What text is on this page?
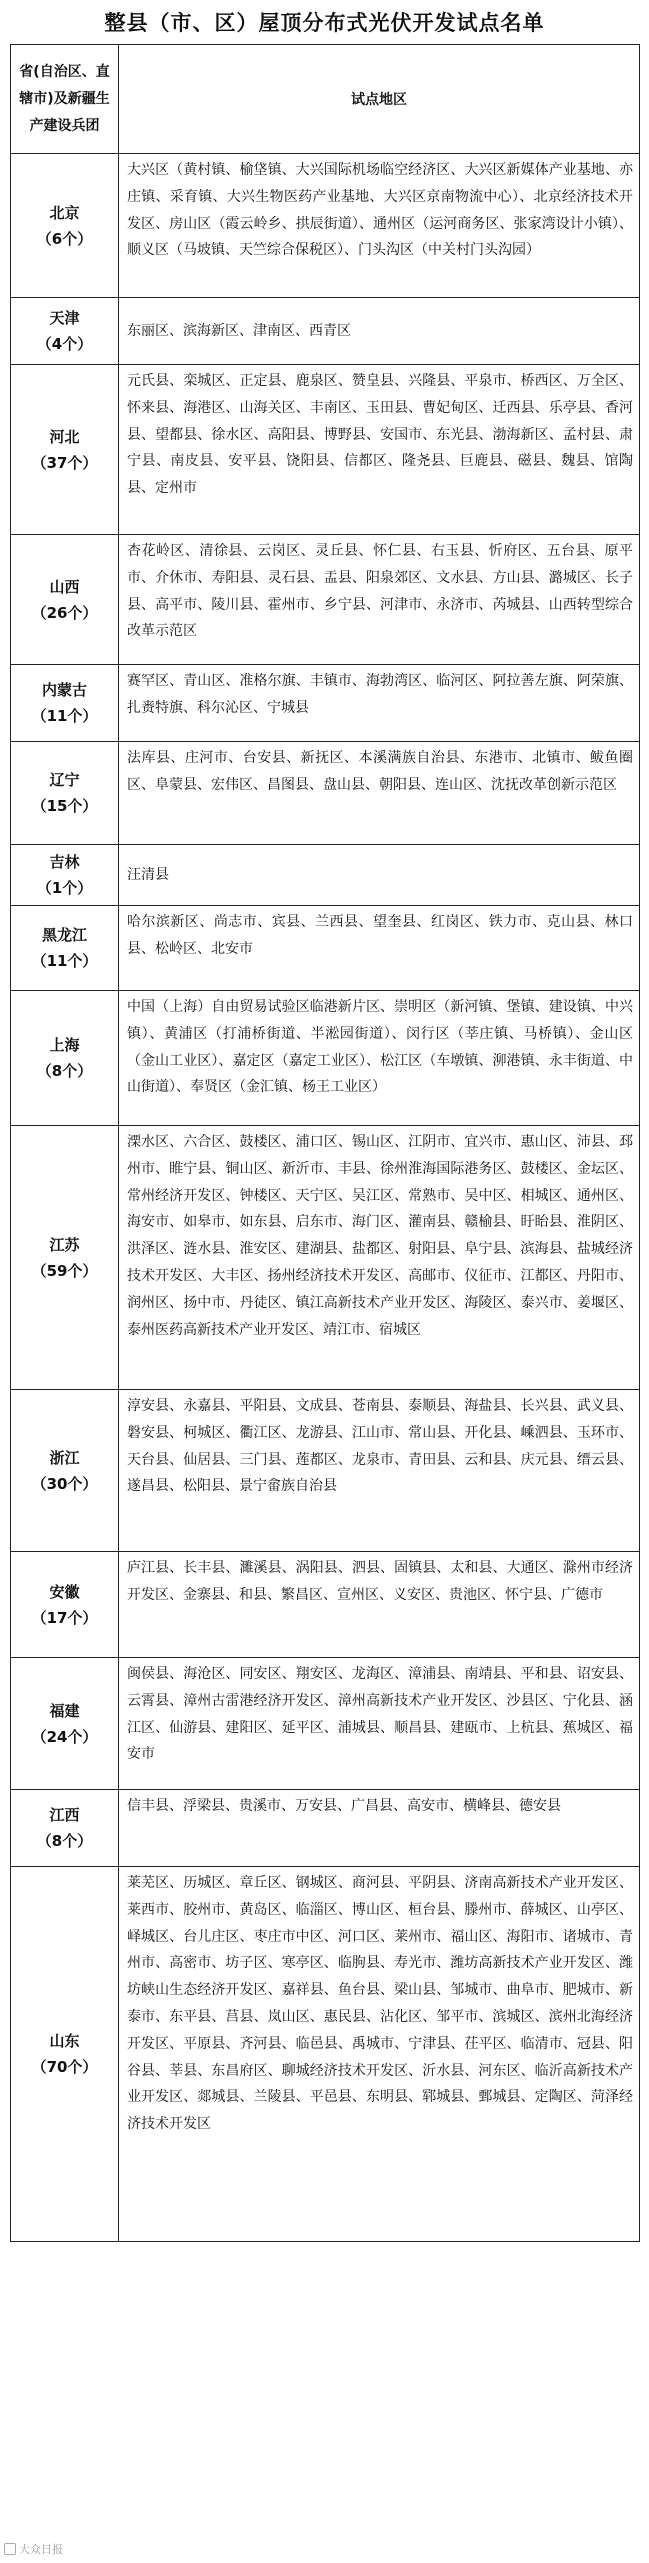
整县（市、区）屋顶分布式光伏开发试点名单
省(自治区、直辖市)及新疆生产建设兵团	试点地区

北京
（6个）	大兴区（黄村镇、榆垡镇、大兴国际机场临空经济区、大兴区新媒体产业基地、亦庄镇、采育镇、大兴生物医药产业基地、大兴区京南物流中心）、北京经济技术开发区、房山区（霞云岭乡、拱辰街道）、通州区（运河商务区、张家湾设计小镇）、顺义区（马坡镇、天竺综合保税区）、门头沟区（中关村门头沟园）

天津
（4个）	东丽区、滨海新区、津南区、西青区

河北
（37个）	元氏县、栾城区、正定县、鹿泉区、赞皇县、兴隆县、平泉市、桥西区、万全区、怀来县、海港区、山海关区、丰南区、玉田县、曹妃甸区、迁西县、乐亭县、香河县、望都县、徐水区、高阳县、博野县、安国市、东光县、渤海新区、孟村县、肃宁县、南皮县、安平县、饶阳县、信都区、隆尧县、巨鹿县、磁县、魏县、馆陶县、定州市

山西
（26个）	杏花岭区、清徐县、云岗区、灵丘县、怀仁县、右玉县、忻府区、五台县、原平市、介休市、寿阳县、灵石县、盂县、阳泉郊区、文水县、方山县、潞城区、长子县、高平市、陵川县、霍州市、乡宁县、河津市、永济市、芮城县、山西转型综合改革示范区

内蒙古
（11个）	赛罕区、青山区、准格尔旗、丰镇市、海勃湾区、临河区、阿拉善左旗、阿荣旗、扎赉特旗、科尔沁区、宁城县

辽宁
（15个）	法库县、庄河市、台安县、新抚区、本溪满族自治县、东港市、北镇市、鲅鱼圈区、阜蒙县、宏伟区、昌图县、盘山县、朝阳县、连山区、沈抚改革创新示范区

吉林
（1个）	汪清县

黑龙江
（11个）	哈尔滨新区、尚志市、宾县、兰西县、望奎县、红岗区、铁力市、克山县、林口县、松岭区、北安市

上海
（8个）	中国（上海）自由贸易试验区临港新片区、崇明区（新河镇、堡镇、建设镇、中兴镇）、黄浦区（打浦桥街道、半淞园街道）、闵行区（莘庄镇、马桥镇）、金山区（金山工业区）、嘉定区（嘉定工业区）、松江区（车墩镇、泖港镇、永丰街道、中山街道）、奉贤区（金汇镇、杨王工业区）

江苏
（59个）	溧水区、六合区、鼓楼区、浦口区、锡山区、江阴市、宜兴市、惠山区、沛县、邳州市、睢宁县、铜山区、新沂市、丰县、徐州淮海国际港务区、鼓楼区、金坛区、常州经济开发区、钟楼区、天宁区、吴江区、常熟市、吴中区、相城区、通州区、海安市、如皋市、如东县、启东市、海门区、灌南县、赣榆县、盱眙县、淮阴区、洪泽区、涟水县、淮安区、建湖县、盐都区、射阳县、阜宁县、滨海县、盐城经济技术开发区、大丰区、扬州经济技术开发区、高邮市、仪征市、江都区、丹阳市、润州区、扬中市、丹徒区、镇江高新技术产业开发区、海陵区、泰兴市、姜堰区、泰州医药高新技术产业开发区、靖江市、宿城区

浙江
（30个）	淳安县、永嘉县、平阳县、文成县、苍南县、泰顺县、海盐县、长兴县、武义县、磐安县、柯城区、衢江区、龙游县、江山市、常山县、开化县、嵊泗县、玉环市、天台县、仙居县、三门县、莲都区、龙泉市、青田县、云和县、庆元县、缙云县、遂昌县、松阳县、景宁畲族自治县

安徽
（17个）	庐江县、长丰县、濉溪县、涡阳县、泗县、固镇县、太和县、大通区、滁州市经济开发区、金寨县、和县、繁昌区、宣州区、义安区、贵池区、怀宁县、广德市

福建
（24个）	闽侯县、海沧区、同安区、翔安区、龙海区、漳浦县、南靖县、平和县、诏安县、云霄县、漳州古雷港经济开发区、漳州高新技术产业开发区、沙县区、宁化县、涵江区、仙游县、建阳区、延平区、浦城县、顺昌县、建瓯市、上杭县、蕉城区、福安市

江西
（8个）	信丰县、浮梁县、贵溪市、万安县、广昌县、高安市、横峰县、德安县

山东
（70个）	莱芜区、历城区、章丘区、钢城区、商河县、平阴县、济南高新技术产业开发区、莱西市、胶州市、黄岛区、临淄区、博山区、桓台县、滕州市、薛城区、山亭区、峄城区、台儿庄区、枣庄市中区、河口区、莱州市、福山区、海阳市、诸城市、青州市、高密市、坊子区、寒亭区、临朐县、寿光市、潍坊高新技术产业开发区、潍坊峡山生态经济开发区、嘉祥县、鱼台县、梁山县、邹城市、曲阜市、肥城市、新泰市、东平县、莒县、岚山区、惠民县、沾化区、邹平市、滨城区、滨州北海经济开发区、平原县、齐河县、临邑县、禹城市、宁津县、茌平区、临清市、冠县、阳谷县、莘县、东昌府区、聊城经济技术开发区、沂水县、河东区、临沂高新技术产业开发区、郯城县、兰陵县、平邑县、东明县、郓城县、鄄城县、定陶区、菏泽经济技术开发区
大众日报
